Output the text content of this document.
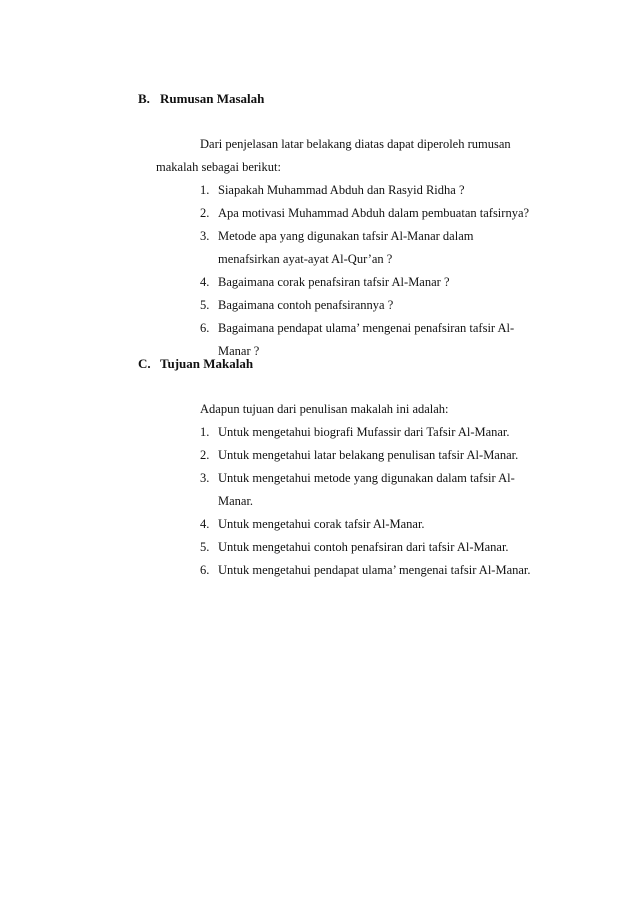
B. Rumusan Masalah
Dari penjelasan latar belakang diatas dapat diperoleh rumusan
makalah sebagai berikut:
1. Siapakah Muhammad Abduh dan Rasyid Ridha ?
2. Apa motivasi Muhammad Abduh dalam pembuatan tafsirnya?
3. Metode apa yang digunakan tafsir Al-Manar dalam
menafsirkan ayat-ayat Al-Qur’an ?
4. Bagaimana corak penafsiran tafsir Al-Manar ?
5. Bagaimana contoh penafsirannya ?
6. Bagaimana pendapat ulama’ mengenai penafsiran tafsir Al-
Manar ?
C. Tujuan Makalah
Adapun tujuan dari penulisan makalah ini adalah:
1. Untuk mengetahui biografi Mufassir dari Tafsir Al-Manar.
2. Untuk mengetahui latar belakang penulisan tafsir Al-Manar.
3. Untuk mengetahui metode yang digunakan dalam tafsir Al-
Manar.
4. Untuk mengetahui corak tafsir Al-Manar.
5. Untuk mengetahui contoh penafsiran dari tafsir Al-Manar.
6. Untuk mengetahui pendapat ulama’ mengenai tafsir Al-Manar.
